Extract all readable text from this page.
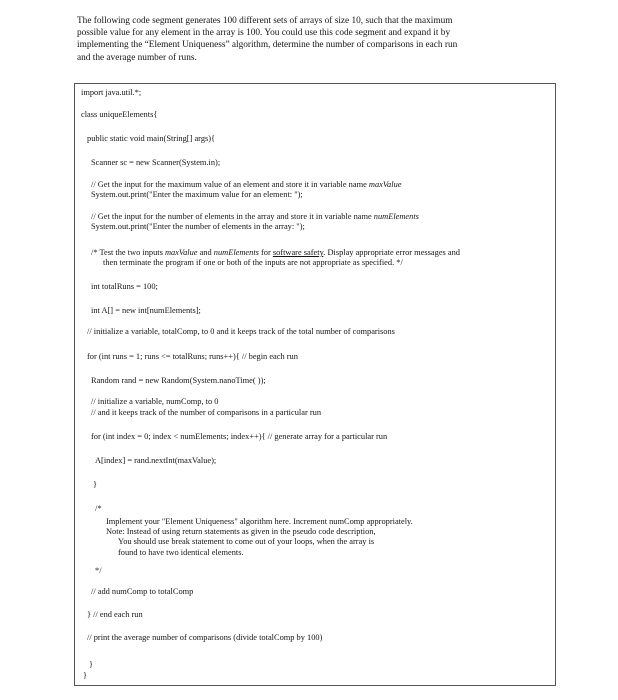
The following code segment generates 100 different sets of arrays of size 10, such that the maximum
possible value for any element in the array is 100. You could use this code segment and expand it by
implementing the “Element Uniqueness” algorithm, determine the number of comparisons in each run
and the average number of runs.
import java.util.*;
class uniqueElements{
public static void main(String[] args){
Scanner sc = new Scanner(System.in);
// Get the input for the maximum value of an element and store it in variable name maxValue
System.out.print("Enter the maximum value for an element: ");
// Get the input for the number of elements in the array and store it in variable name numElements
System.out.print("Enter the number of elements in the array: ");
/* Test the two inputs maxValue and numElements for software safety. Display appropriate error messages and
then terminate the program if one or both of the inputs are not appropriate as specified. */
int totalRuns = 100;
int A[] = new int[numElements];
// initialize a variable, totalComp, to 0 and it keeps track of the total number of comparisons
for (int runs = 1; runs <= totalRuns; runs++){ // begin each run
Random rand = new Random(System.nanoTime( ));
// initialize a variable, numComp, to 0
// and it keeps track of the number of comparisons in a particular run
for (int index = 0; index < numElements; index++){ // generate array for a particular run
A[index] = rand.nextInt(maxValue);
}
/*
Implement your "Element Uniqueness" algorithm here. Increment numComp appropriately.
Note: Instead of using return statements as given in the pseudo code description,
You should use break statement to come out of your loops, when the array is
found to have two identical elements.
*/
// add numComp to totalComp
} // end each run
// print the average number of comparisons (divide totalComp by 100)
}
}
